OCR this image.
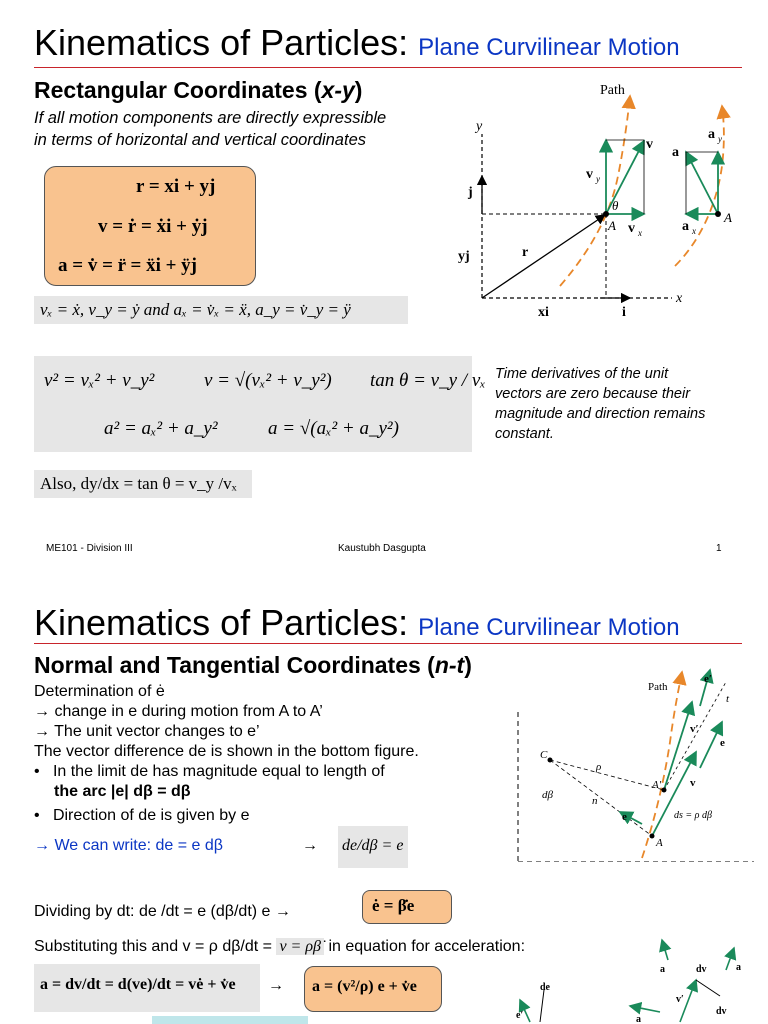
Kinematics of Particles: Plane Curvilinear Motion
Rectangular Coordinates (x-y)
If all motion components are directly expressible
in terms of horizontal and vertical coordinates
r = xi + yj
v = ṙ = ẋi + ẏj
a = v̇ = r̈ = ẍi + ÿj
vₓ = ẋ, v_y = ẏ and aₓ = v̇ₓ = ẍ, a_y = v̇_y = ÿ
v² = vₓ² + v_y²	v = √(vₓ² + v_y²) tan θ = v_y / vₓ
a² = aₓ² + a_y²	a = √(aₓ² + a_y²)
Also, dy/dx = tan θ = v_y /vₓ
Time derivatives of the unit
vectors are zero because their
magnitude and direction remains
constant.
Path
y
x
j
yj
xi	i
r
v
v y
v x
θ
A
a
a y
a x
A
ME101 - Division III	Kaustubh Dasgupta	1
Kinematics of Particles: Plane Curvilinear Motion
Normal and Tangential Coordinates (n-t)
Determination of ė
→ change in e during motion from A to A’
→ The unit vector changes to e’
The vector difference de is shown in the bottom figure.
•   In the limit de has magnitude equal to length of
the arc |e| dβ = dβ
•   Direction of de is given by e
→ We can write: de = e dβ	→ de/dβ = e
Dividing by dt: de /dt = e (dβ/dt) e →	ė = β̇e
Substituting this and v = ρ dβ/dt = v = ρβ̇ in equation for acceleration:
a = dv/dt = d(ve)/dt = vė + v̇e → a = (v²/ρ) e + v̇e
Path
e′
t
v′
e
v
C
ρ
A′
dβ	n
e	ds = ρ dβ
A
a	a
dv
v′
a
dv
de
e′
